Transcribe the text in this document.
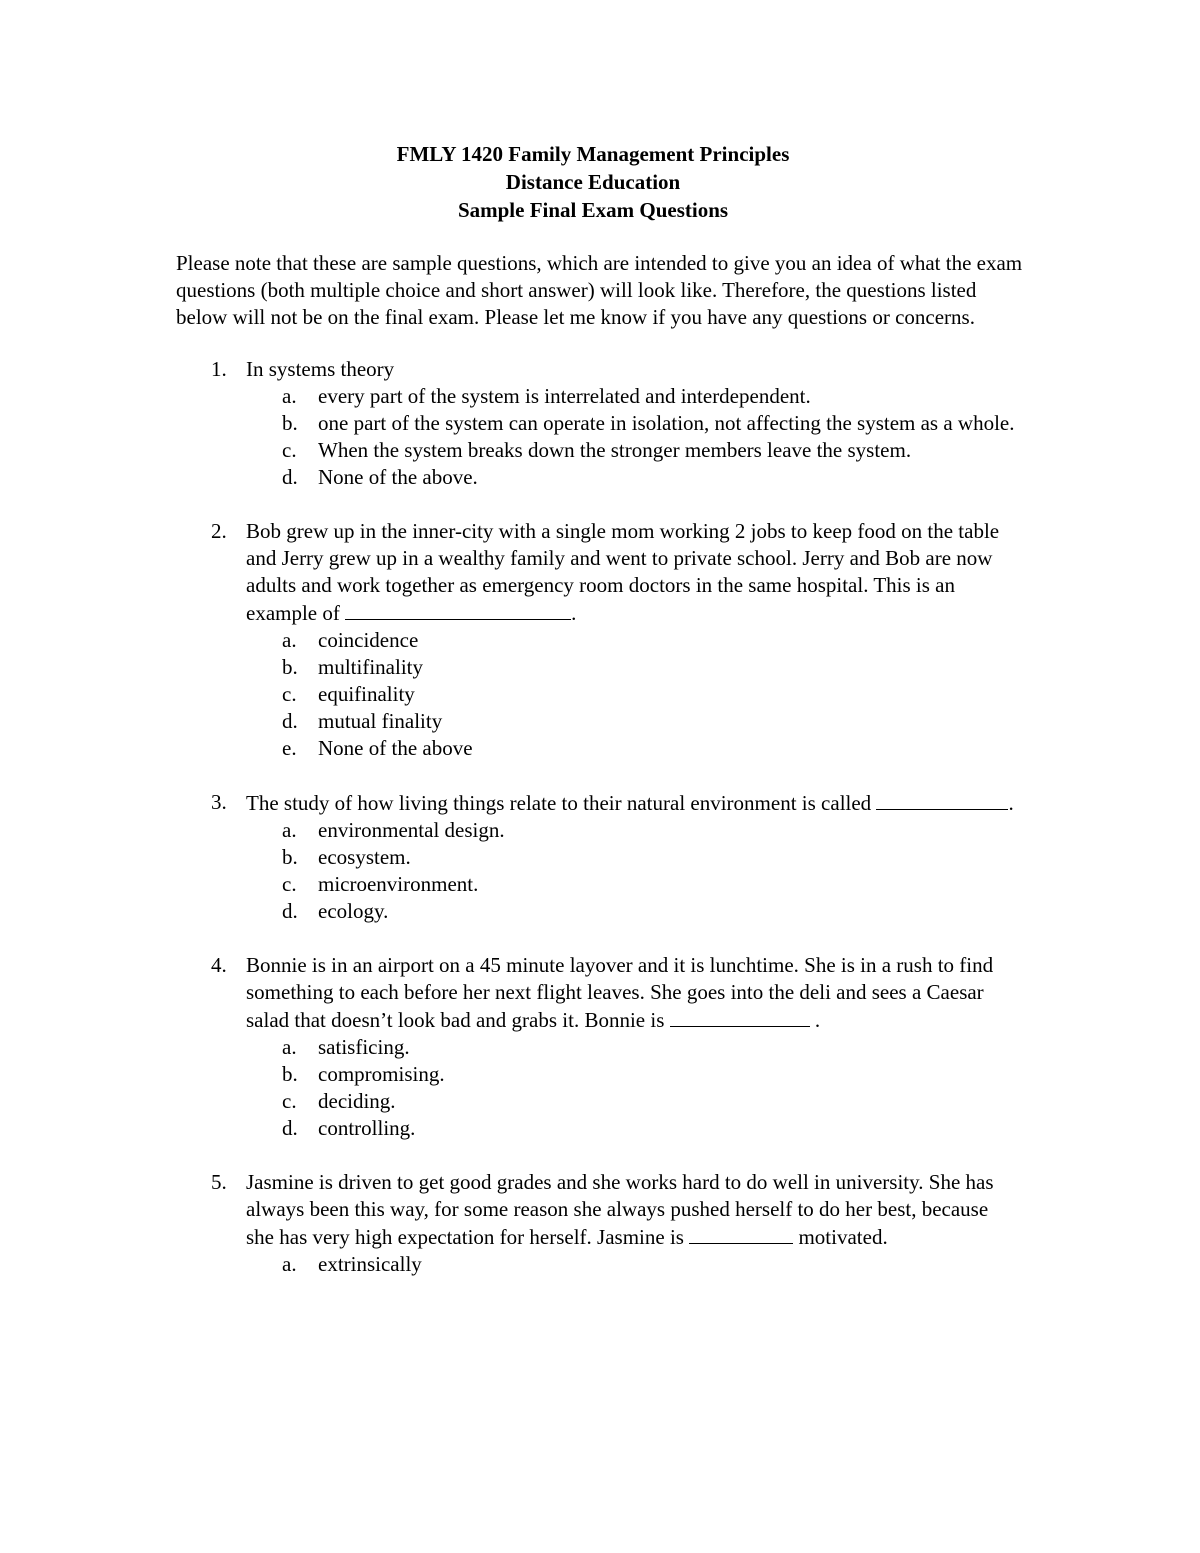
FMLY 1420 Family Management Principles
Distance Education
Sample Final Exam Questions

Please note that these are sample questions, which are intended to give you an idea of what the exam questions (both multiple choice and short answer) will look like. Therefore, the questions listed below will not be on the final exam. Please let me know if you have any questions or concerns.

1. In systems theory
a. every part of the system is interrelated and interdependent.
b. one part of the system can operate in isolation, not affecting the system as a whole.
c. When the system breaks down the stronger members leave the system.
d. None of the above.
2. Bob grew up in the inner-city with a single mom working 2 jobs to keep food on the table and Jerry grew up in a wealthy family and went to private school. Jerry and Bob are now adults and work together as emergency room doctors in the same hospital. This is an example of	.
a. coincidence
b. multifinality
c. equifinality
d. mutual finality
e. None of the above
3. The study of how living things relate to their natural environment is called	.
a. environmental design.
b. ecosystem.
c. microenvironment.
d. ecology.
4. Bonnie is in an airport on a 45 minute layover and it is lunchtime. She is in a rush to find something to each before her next flight leaves. She goes into the deli and sees a Caesar salad that doesn’t look bad and grabs it. Bonnie is	.
a. satisficing.
b. compromising.
c. deciding.
d. controlling.
5. Jasmine is driven to get good grades and she works hard to do well in university. She has always been this way, for some reason she always pushed herself to do her best, because she has very high expectation for herself. Jasmine is	motivated.
a. extrinsically
